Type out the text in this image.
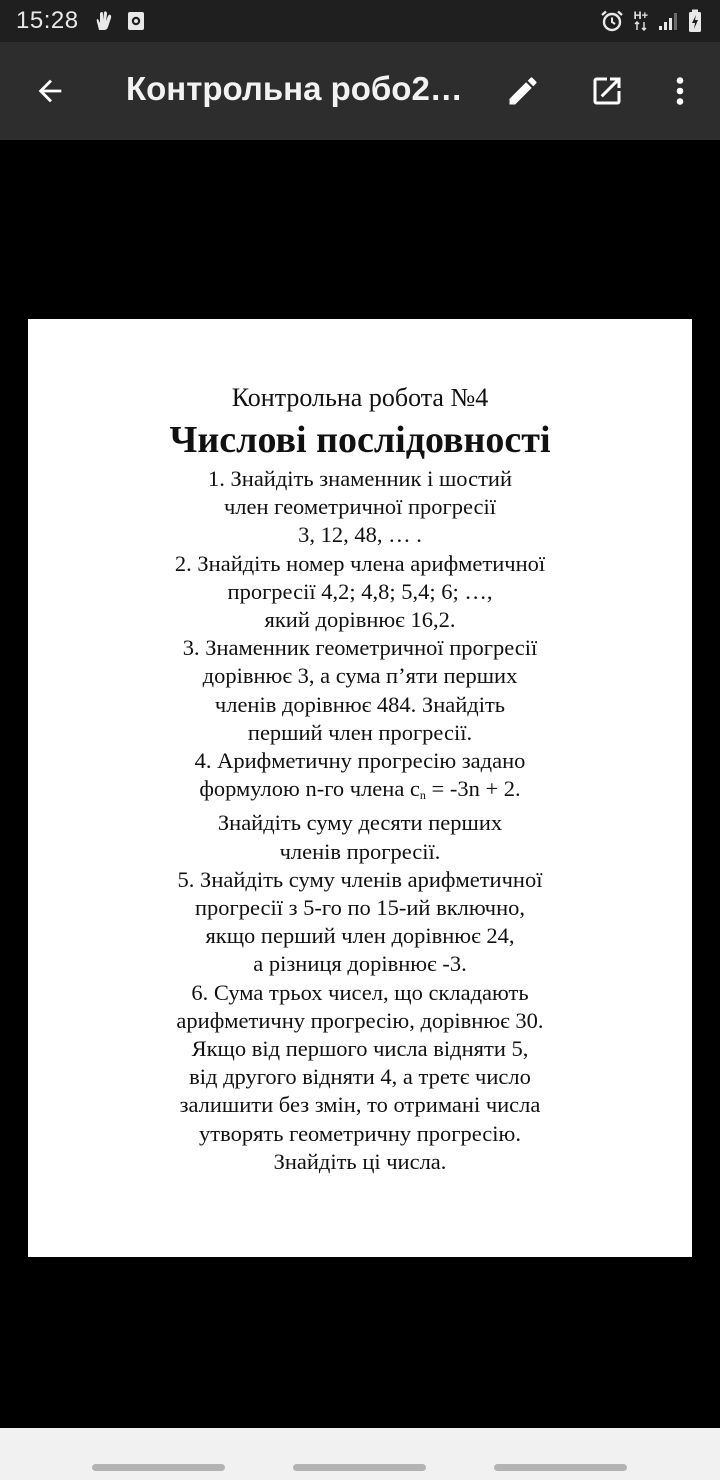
15:28	H+
Контрольна робо2…
Контрольна робота №4
Числові послідовності
1. Знайдіть знаменник і шостий
член геометричної прогресії
3, 12, 48, … .
2. Знайдіть номер члена арифметичної
прогресії 4,2; 4,8; 5,4; 6; …,
який дорівнює 16,2.
3. Знаменник геометричної прогресії
дорівнює 3, а сума п’яти перших
членів дорівнює 484. Знайдіть
перший член прогресії.
4. Арифметичну прогресію задано
формулою n-го члена $c_n = -3n + 2$.
Знайдіть суму десяти перших
членів прогресії.
5. Знайдіть суму членів арифметичної
прогресії з 5-го по 15-ий включно,
якщо перший член дорівнює 24,
а різниця дорівнює -3.
6. Сума трьох чисел, що складають
арифметичну прогресію, дорівнює 30.
Якщо від першого числа відняти 5,
від другого відняти 4, а третє число
залишити без змін, то отримані числа
утворять геометричну прогресію.
Знайдіть ці числа.
